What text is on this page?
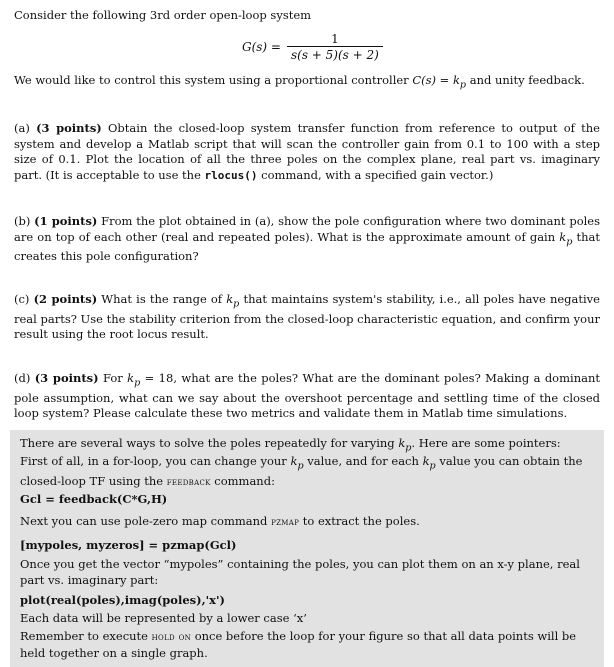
Consider the following 3rd order open-loop system
$G(s) = \frac{1}{s(s + 5)(s + 2)}$
We would like to control this system using a proportional controller $C(s) = k_p$ and unity feedback.
(a) (3 points) Obtain the closed-loop system transfer function from reference to output of the system and develop a Matlab script that will scan the controller gain from 0.1 to 100 with a step size of 0.1. Plot the location of all the three poles on the complex plane, real part vs. imaginary part. (It is acceptable to use the rlocus() command, with a specified gain vector.)
(b) (1 points) From the plot obtained in (a), show the pole configuration where two dominant poles are on top of each other (real and repeated poles). What is the approximate amount of gain $k_p$ that creates this pole configuration?
(c) (2 points) What is the range of $k_p$ that maintains system's stability, i.e., all poles have negative real parts? Use the stability criterion from the closed-loop characteristic equation, and confirm your result using the root locus result.
(d) (3 points) For $k_p = 18$, what are the poles? What are the dominant poles? Making a dominant pole assumption, what can we say about the overshoot percentage and settling time of the closed loop system? Please calculate these two metrics and validate them in Matlab time simulations.
There are several ways to solve the poles repeatedly for varying $k_p$. Here are some pointers:
First of all, in a for-loop, you can change your $k_p$ value, and for each $k_p$ value you can obtain the closed-loop TF using the feedback command:
Gcl = feedback(C*G,H)
Next you can use pole-zero map command pzmap to extract the poles.
[mypoles, myzeros] = pzmap(Gcl)
Once you get the vector “mypoles” containing the poles, you can plot them on an x-y plane, real part vs. imaginary part:
plot(real(poles),imag(poles),'x')
Each data will be represented by a lower case ‘x’
Remember to execute hold on once before the loop for your figure so that all data points will be held together on a single graph.
